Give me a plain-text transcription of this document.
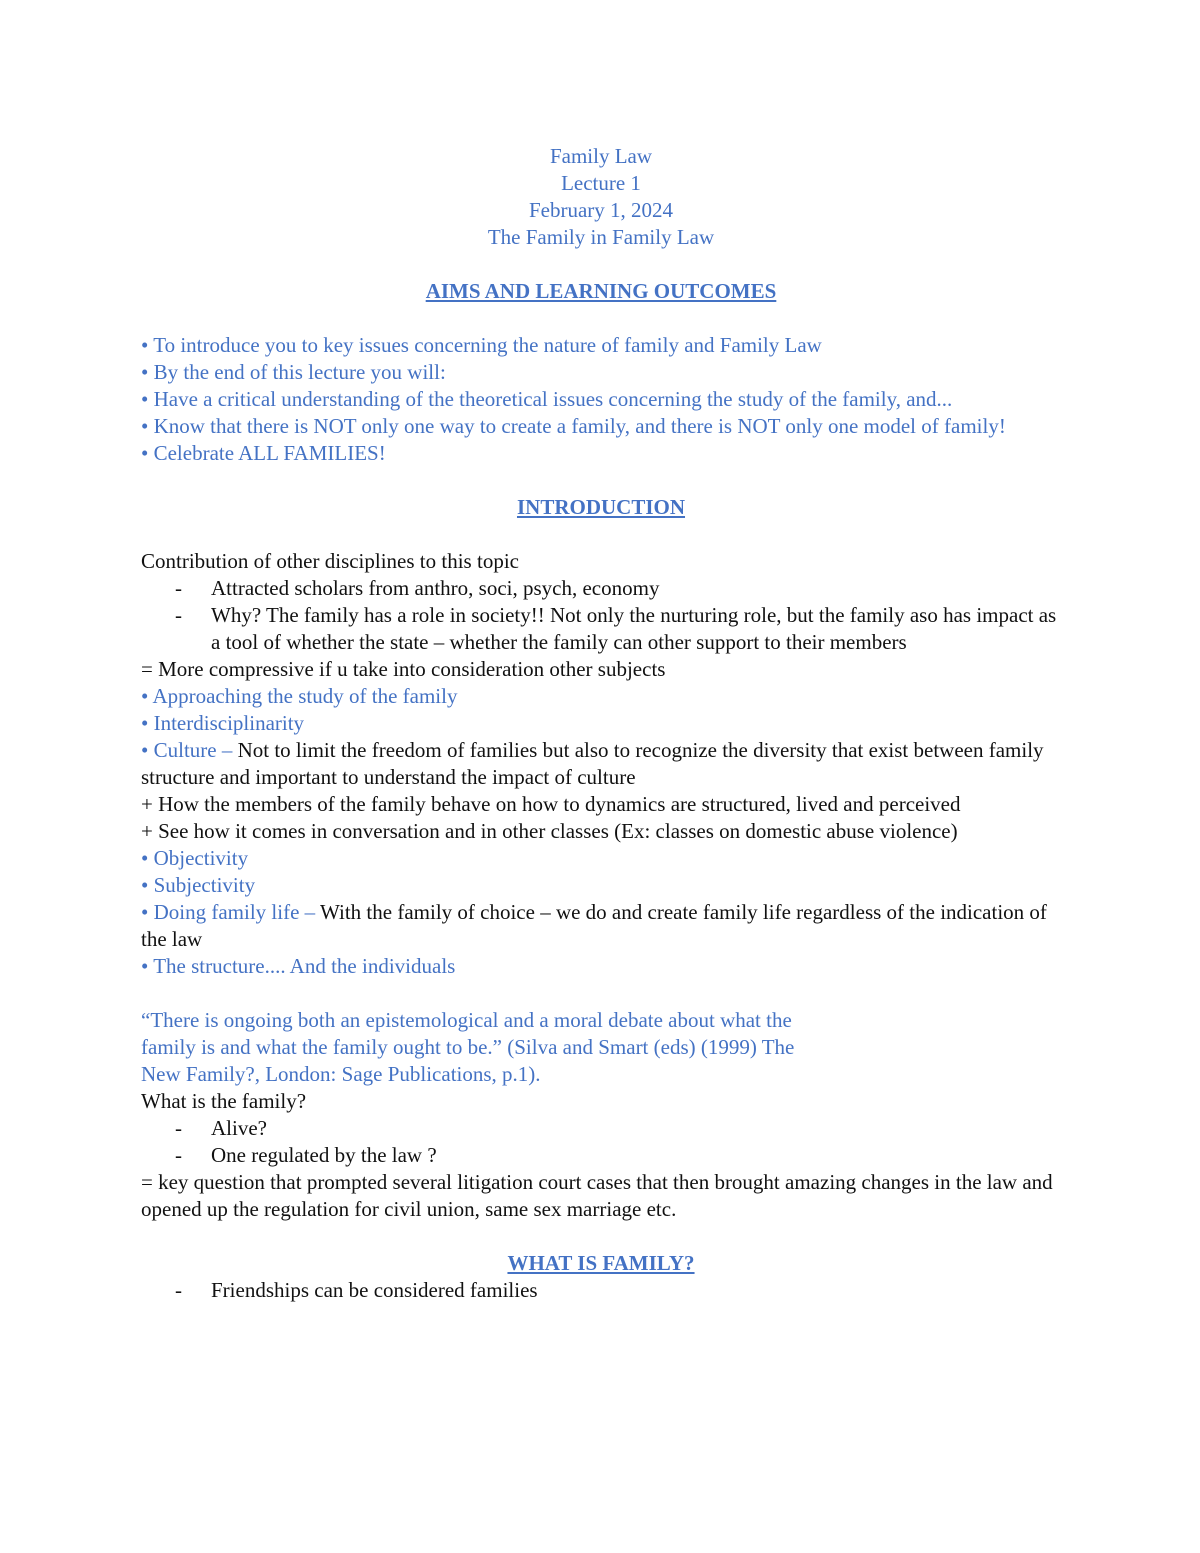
Family Law
Lecture 1
February 1, 2024
The Family in Family Law
AIMS AND LEARNING OUTCOMES
• To introduce you to key issues concerning the nature of family and Family Law
• By the end of this lecture you will:
• Have a critical understanding of the theoretical issues concerning the study of the family, and...
• Know that there is NOT only one way to create a family, and there is NOT only one model of family!
• Celebrate ALL FAMILIES!
INTRODUCTION
Contribution of other disciplines to this topic
- Attracted scholars from anthro, soci, psych, economy
- Why? The family has a role in society!! Not only the nurturing role, but the family aso has impact as a tool of whether the state – whether the family can other support to their members
= More compressive if u take into consideration other subjects
• Approaching the study of the family
• Interdisciplinarity

• Culture – Not to limit the freedom of families but also to recognize the diversity that exist between family structure and important to understand the impact of culture

+ How the members of the family behave on how to dynamics are structured, lived and perceived
+ See how it comes in conversation and in other classes (Ex: classes on domestic abuse violence)
• Objectivity
• Subjectivity

• Doing family life – With the family of choice – we do and create family life regardless of the indication of the law

• The structure.... And the individuals
“There is ongoing both an epistemological and a moral debate about what the
family is and what the family ought to be.” (Silva and Smart (eds) (1999) The
New Family?, London: Sage Publications, p.1).
What is the family?
- Alive?
- One regulated by the law ?
= key question that prompted several litigation court cases that then brought amazing changes in the law and opened up the regulation for civil union, same sex marriage etc.
WHAT IS FAMILY?
- Friendships can be considered families
